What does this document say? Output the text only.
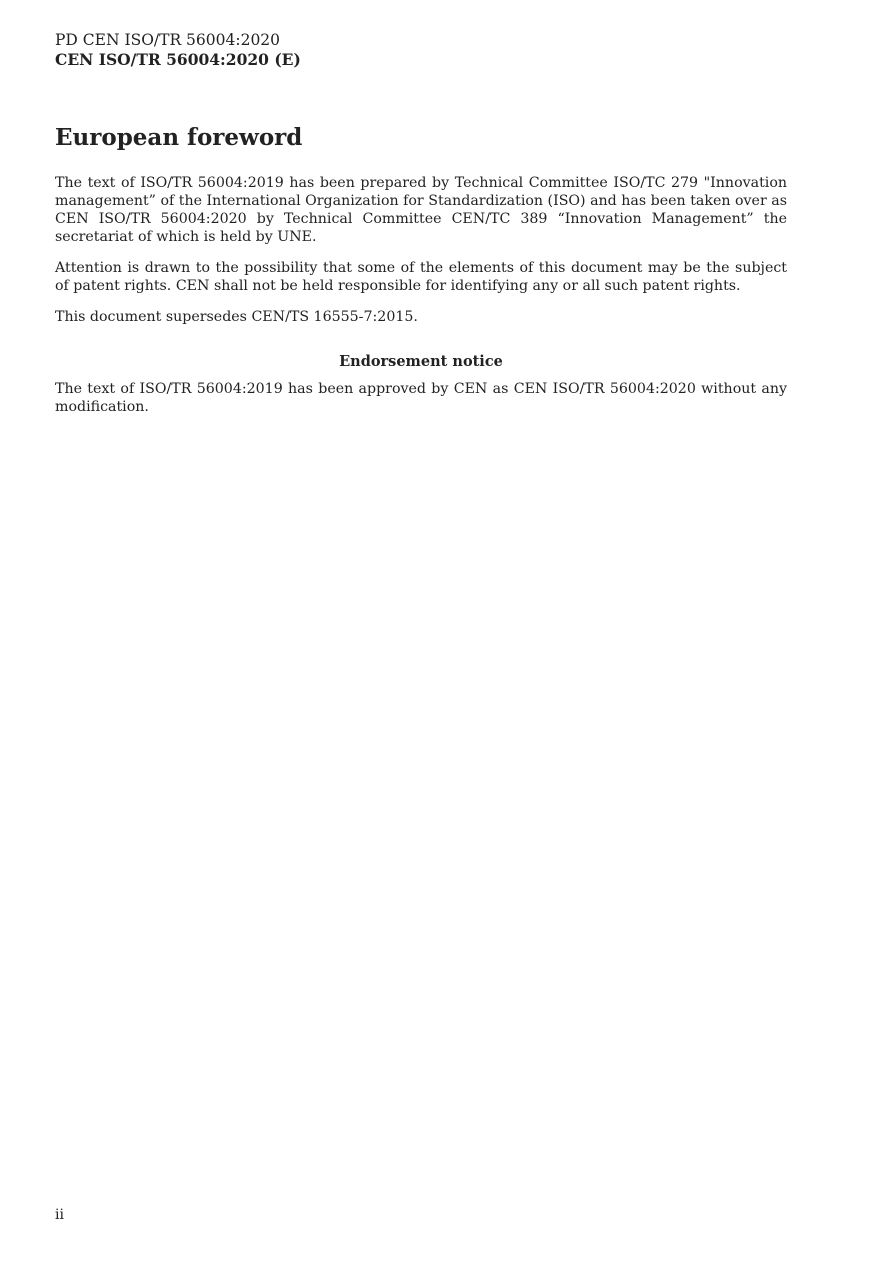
PD CEN ISO/TR 56004:2020
CEN ISO/TR 56004:2020 (E)
European foreword

The text of ISO/TR 56004:2019 has been prepared by Technical Committee ISO/TC 279 "Innovation management” of the International Organization for Standardization (ISO) and has been taken over as CEN ISO/TR 56004:2020 by Technical Committee CEN/TC 389 “Innovation Management” the secretariat of which is held by UNE.

Attention is drawn to the possibility that some of the elements of this document may be the subject of patent rights. CEN shall not be held responsible for identifying any or all such patent rights.

This document supersedes CEN/TS 16555-7:2015.

Endorsement notice

The text of ISO/TR 56004:2019 has been approved by CEN as CEN ISO/TR 56004:2020 without any modification.

ii
